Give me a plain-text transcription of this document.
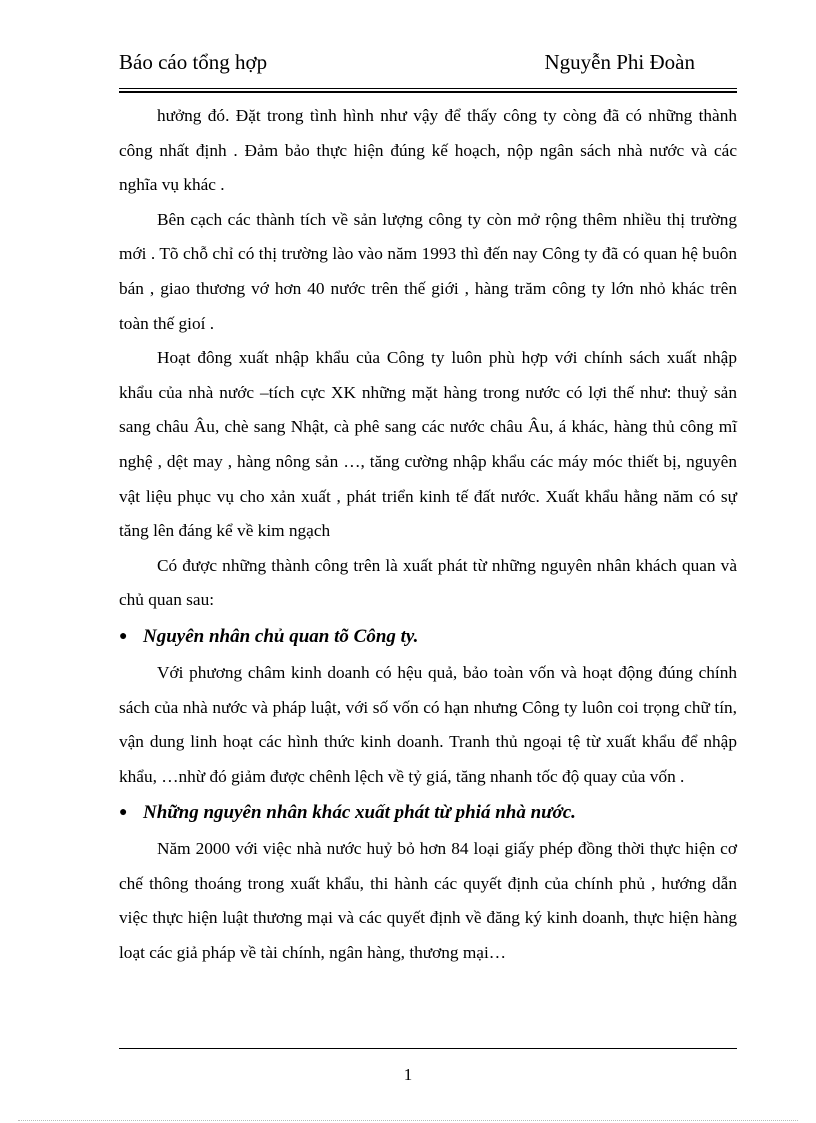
Báo cáo tổng hợp	Nguyễn Phi Đoàn

hưởng đó. Đặt trong tình hình như vậy để thấy công ty còng đã có những thành công nhất định . Đảm bảo thực hiện đúng kế hoạch, nộp ngân sách nhà nước và các nghĩa vụ khác .

Bên cạch các thành tích về sản lượng công ty còn mở rộng thêm nhiều thị trường mới . Tõ chỗ chỉ có thị trường lào vào năm 1993 thì đến nay Công ty đã có quan hệ buôn bán , giao thương vớ hơn 40 nước trên thế giới , hàng trăm công ty lớn nhỏ khác trên toàn thế gioí .

Hoạt đông xuất nhập khẩu của Công ty luôn phù hợp với chính sách xuất nhập khẩu của nhà nước –tích cực XK những mặt hàng trong nước có lợi thế như: thuỷ sản sang châu Âu, chè sang Nhật, cà phê sang các nước châu Âu, á khác, hàng thủ công mĩ nghệ , dệt may , hàng nông sản …, tăng cường nhập khẩu các máy móc thiết bị, nguyên vật liệu phục vụ cho xản xuất , phát triển kinh tế đất nước. Xuất khẩu hằng năm có sự tăng lên đáng kể về kim ngạch

Có được những thành công trên là xuất phát từ những nguyên nhân khách quan và chủ quan sau:

● Nguyên nhân chủ quan tõ Công ty.

Với phương châm kinh doanh có hệu quả, bảo toàn vốn và hoạt động đúng chính sách của nhà nước và pháp luật, với số vốn có hạn nhưng Công ty luôn coi trọng chữ tín, vận dung linh hoạt các hình thức kinh doanh. Tranh thủ ngoại tệ từ xuất khẩu để nhập khẩu, …nhừ đó giảm được chênh lệch về tỷ giá, tăng nhanh tốc độ quay của vốn .

● Những nguyên nhân khác xuất phát từ phiá nhà nước.

Năm 2000 với việc nhà nước huỷ bỏ hơn 84 loại giấy phép đồng thời thực hiện cơ chế thông thoáng trong xuất khẩu, thi hành các quyết định của chính phủ , hướng dẫn việc thực hiện luật thương mại và các quyết định về đăng ký kinh doanh, thực hiện hàng loạt các giả pháp về tài chính, ngân hàng, thương mại…

1
